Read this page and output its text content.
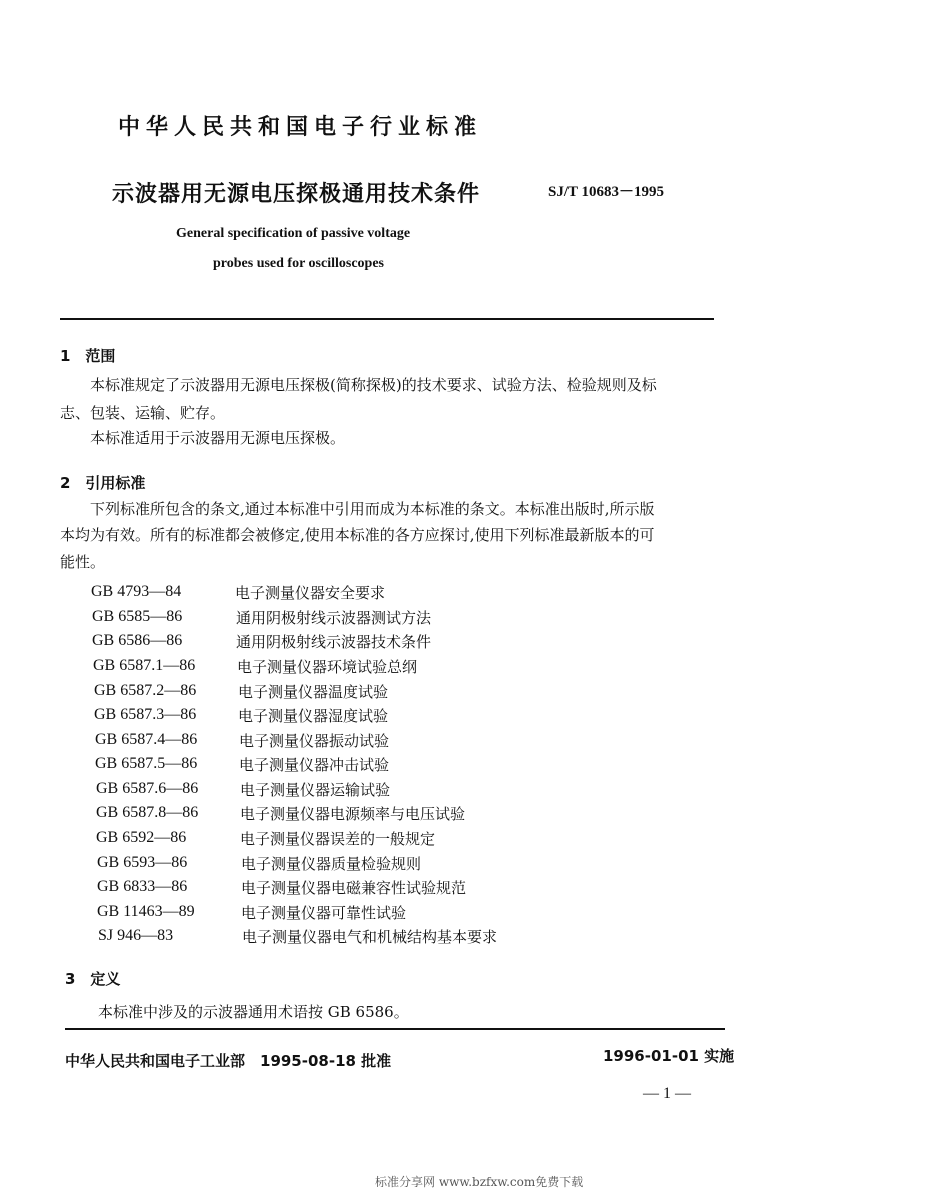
中华人民共和国电子行业标准
示波器用无源电压探极通用技术条件	SJ/T 10683－1995
General specification of passive voltage
probes used for oscilloscopes
1　范围
本标准规定了示波器用无源电压探极(简称探极)的技术要求、试验方法、检验规则及标
志、包装、运输、贮存。
本标准适用于示波器用无源电压探极。
2　引用标准
下列标准所包含的条文,通过本标准中引用而成为本标准的条文。本标准出版时,所示版
本均为有效。所有的标准都会被修定,使用本标准的各方应探讨,使用下列标准最新版本的可
能性。
GB 4793—84	电子测量仪器安全要求
GB 6585—86	通用阴极射线示波器测试方法
GB 6586—86	通用阴极射线示波器技术条件
GB 6587.1—86	电子测量仪器环境试验总纲
GB 6587.2—86	电子测量仪器温度试验
GB 6587.3—86	电子测量仪器湿度试验
GB 6587.4—86	电子测量仪器振动试验
GB 6587.5—86	电子测量仪器冲击试验
GB 6587.6—86	电子测量仪器运输试验
GB 6587.8—86	电子测量仪器电源频率与电压试验
GB 6592—86	电子测量仪器误差的一般规定
GB 6593—86	电子测量仪器质量检验规则
GB 6833—86	电子测量仪器电磁兼容性试验规范
GB 11463—89	电子测量仪器可靠性试验
SJ 946—83	电子测量仪器电气和机械结构基本要求
3　定义
本标准中涉及的示波器通用术语按 GB 6586。
中华人民共和国电子工业部　1995-08-18 批准	1996-01-01 实施
— 1 —
标准分享网 www.bzfxw.com免费下载
